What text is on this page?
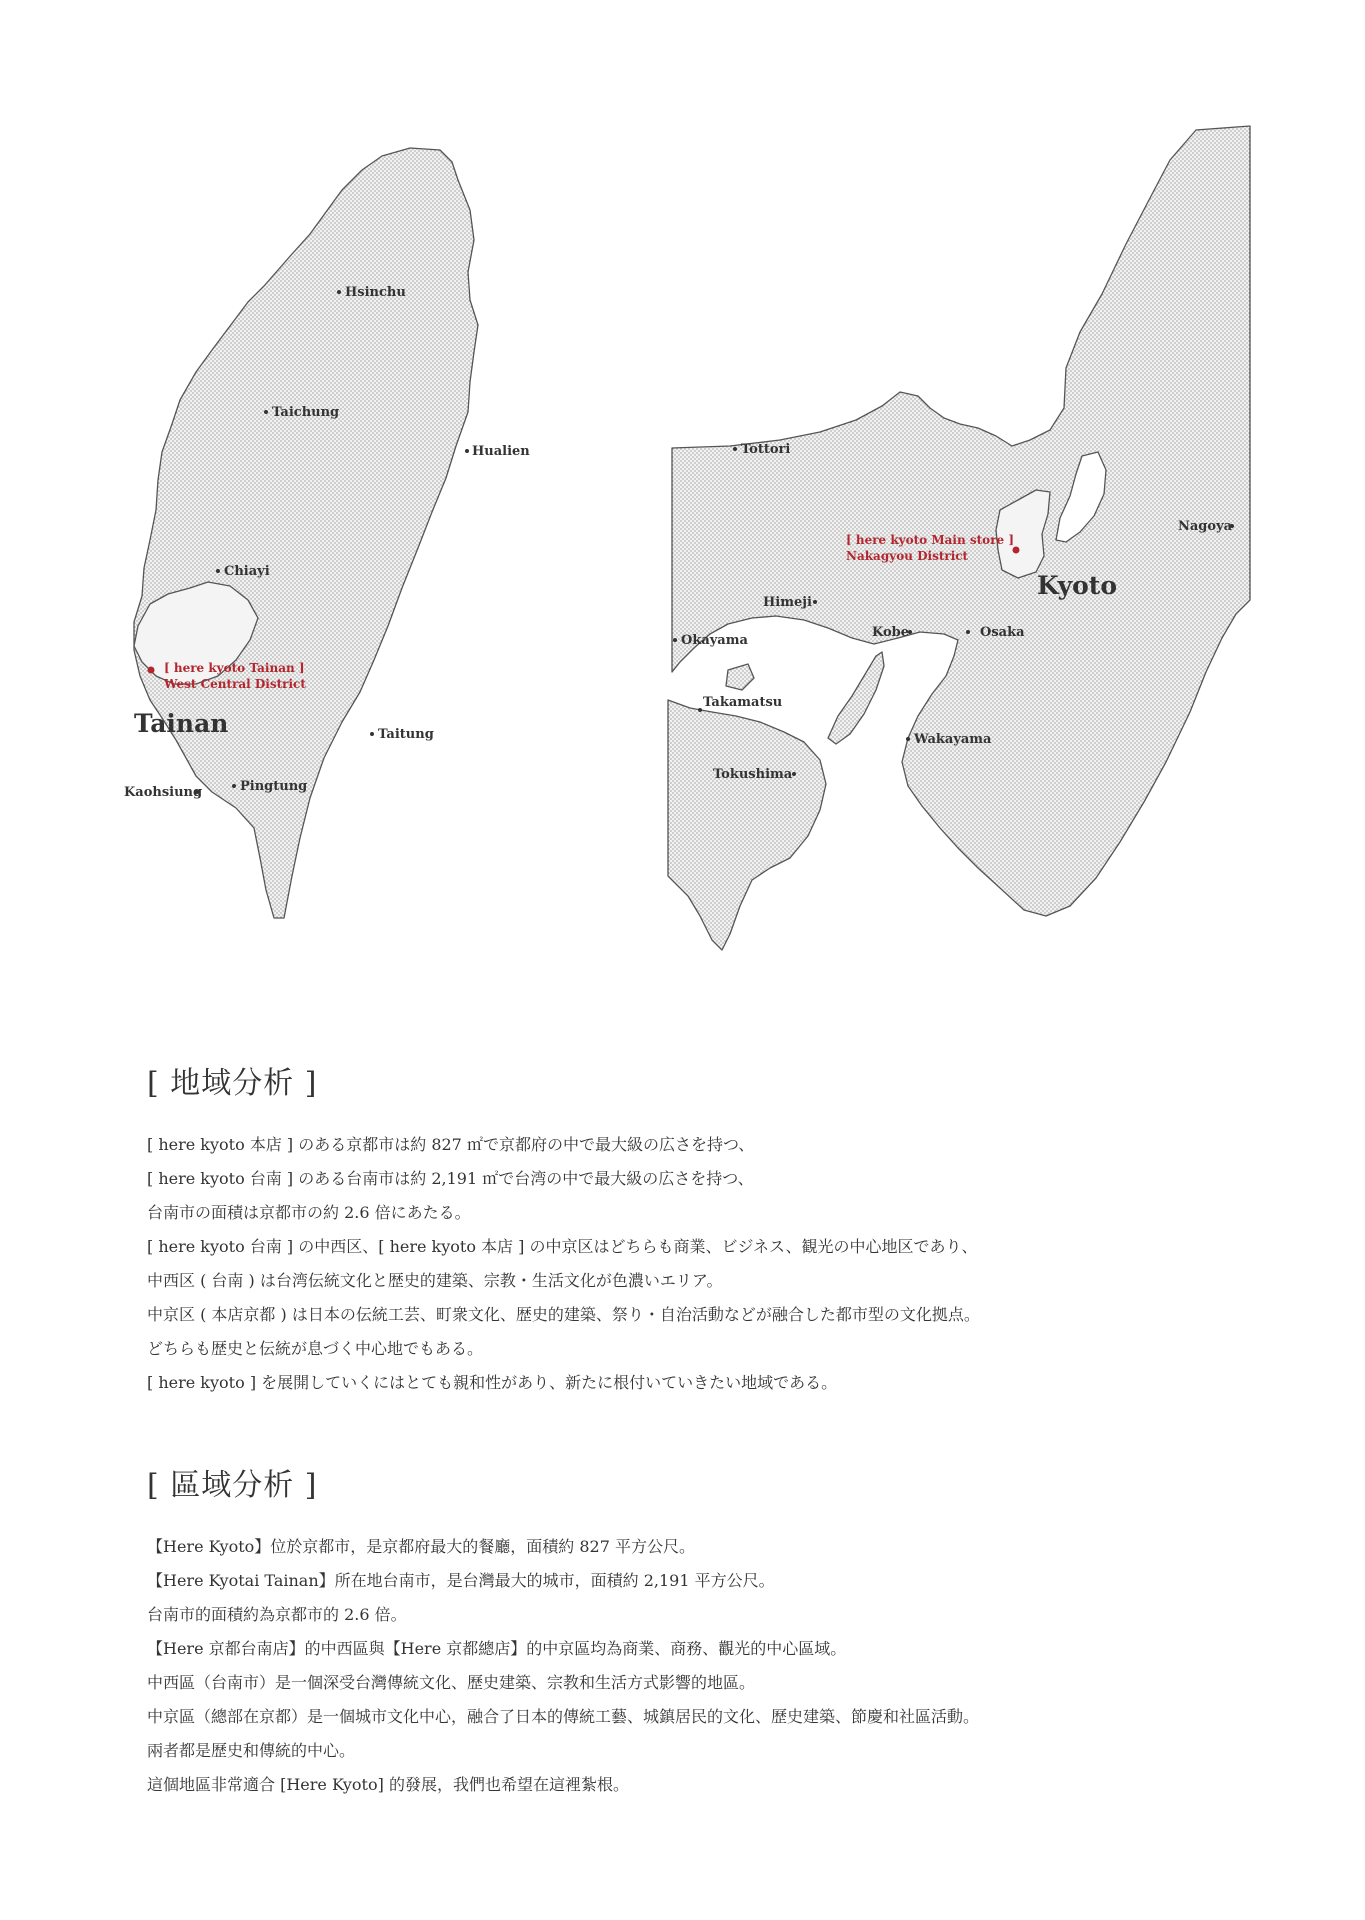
Hsinchu
Taichung
Hualien
Chiayi
Taitung
Pingtung
Kaohsiung
Tainan
[ here kyoto Tainan ]
West Central District
Tottori
Nagoya
Himeji
Okayama
Kobe	Osaka
Takamatsu
Wakayama
Tokushima
Kyoto
[ here kyoto Main store ]
Nakagyou District
[ 地域分析 ]
[ here kyoto 本店 ] のある京都市は約 827 ㎡で京都府の中で最大級の広さを持つ、
[ here kyoto 台南 ] のある台南市は約 2,191 ㎡で台湾の中で最大級の広さを持つ、
台南市の面積は京都市の約 2.6 倍にあたる。
[ here kyoto 台南 ] の中西区、[ here kyoto 本店 ] の中京区はどちらも商業、ビジネス、観光の中心地区であり、
中西区 ( 台南 ) は台湾伝統文化と歴史的建築、宗教・生活文化が色濃いエリア。
中京区 ( 本店京都 ) は日本の伝統工芸、町衆文化、歴史的建築、祭り・自治活動などが融合した都市型の文化拠点。
どちらも歴史と伝統が息づく中心地でもある。
[ here kyoto ] を展開していくにはとても親和性があり、新たに根付いていきたい地域である。
[ 區域分析 ]
【Here Kyoto】位於京都市，是京都府最大的餐廳，面積約 827 平方公尺。
【Here Kyotai Tainan】所在地台南市，是台灣最大的城市，面積約 2,191 平方公尺。
台南市的面積約為京都市的 2.6 倍。
【Here 京都台南店】的中西區與【Here 京都總店】的中京區均為商業、商務、觀光的中心區域。
中西區（台南市）是一個深受台灣傳統文化、歷史建築、宗教和生活方式影響的地區。
中京區（總部在京都）是一個城市文化中心，融合了日本的傳統工藝、城鎮居民的文化、歷史建築、節慶和社區活動。
兩者都是歷史和傳統的中心。
這個地區非常適合 [Here Kyoto] 的發展，我們也希望在這裡紮根。
